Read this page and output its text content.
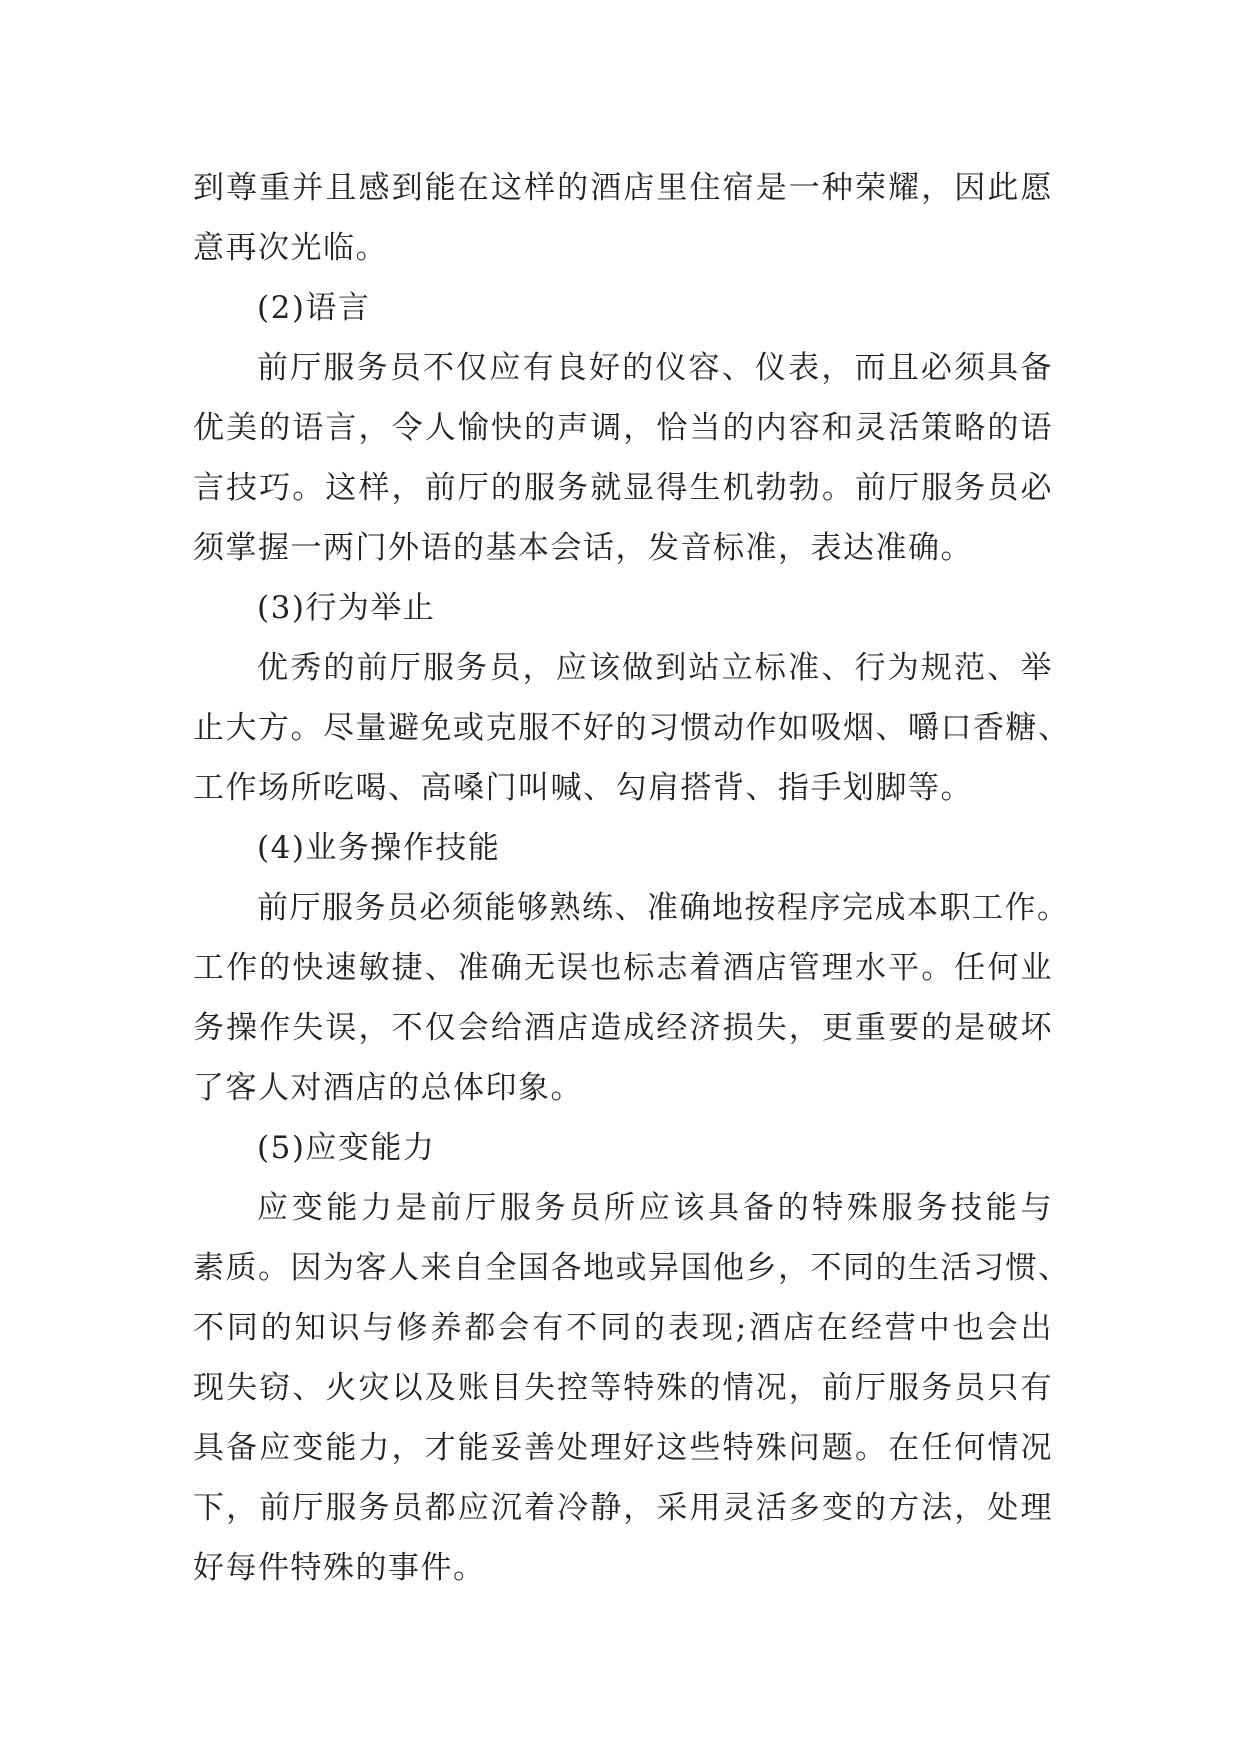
到尊重并且感到能在这样的酒店里住宿是一种荣耀，因此愿
意再次光临。
(2)语言
前厅服务员不仅应有良好的仪容、仪表，而且必须具备
优美的语言，令人愉快的声调，恰当的内容和灵活策略的语
言技巧。这样，前厅的服务就显得生机勃勃。前厅服务员必
须掌握一两门外语的基本会话，发音标准，表达准确。
(3)行为举止
优秀的前厅服务员，应该做到站立标准、行为规范、举
止大方。尽量避免或克服不好的习惯动作如吸烟、嚼口香糖、
工作场所吃喝、高嗓门叫喊、勾肩搭背、指手划脚等。
(4)业务操作技能
前厅服务员必须能够熟练、准确地按程序完成本职工作。
工作的快速敏捷、准确无误也标志着酒店管理水平。任何业
务操作失误，不仅会给酒店造成经济损失，更重要的是破坏
了客人对酒店的总体印象。
(5)应变能力
应变能力是前厅服务员所应该具备的特殊服务技能与
素质。因为客人来自全国各地或异国他乡，不同的生活习惯、
不同的知识与修养都会有不同的表现;酒店在经营中也会出
现失窃、火灾以及账目失控等特殊的情况，前厅服务员只有
具备应变能力，才能妥善处理好这些特殊问题。在任何情况
下，前厅服务员都应沉着冷静，采用灵活多变的方法，处理
好每件特殊的事件。
